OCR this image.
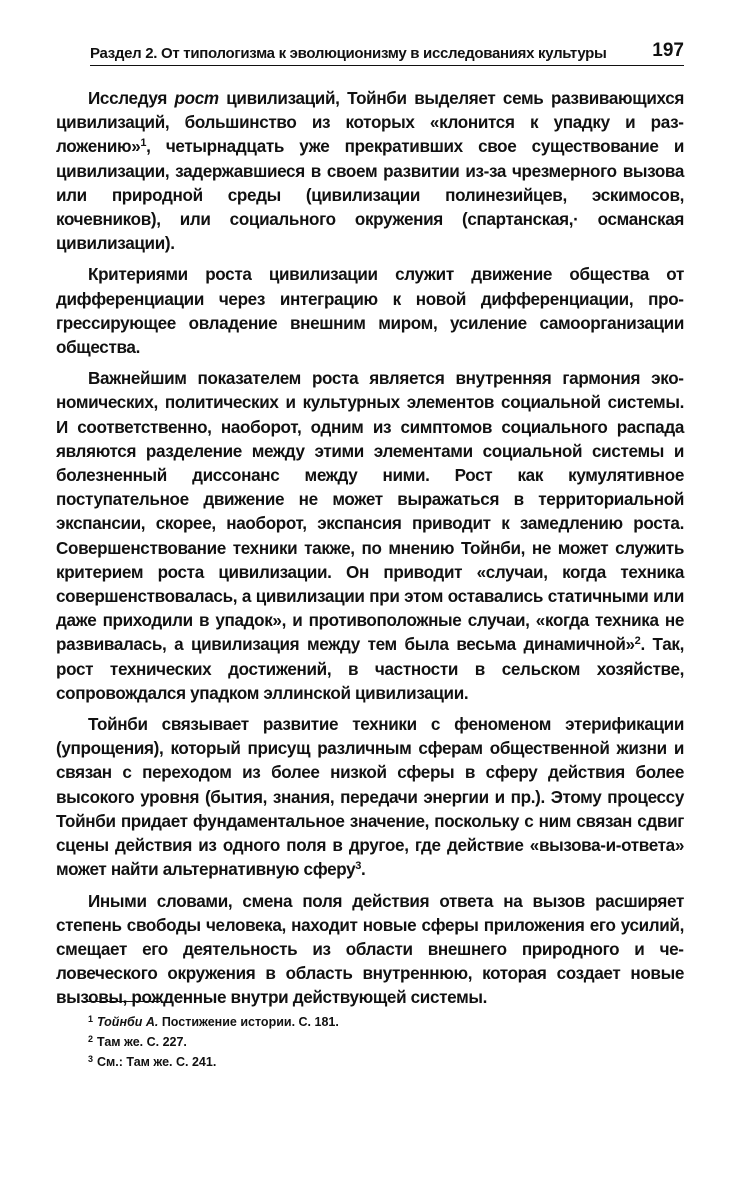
Раздел 2. От типологизма к эволюционизму в исследованиях культуры 197

Исследуя рост цивилизаций, Тойнби выделяет семь развивающихся цивилизаций, большинство из которых «клонится к упадку и разложению»$^1$, четырнадцать уже прекративших свое существование и цивилизации, задержавшиеся в своем развитии из-за чрезмерного вызова или природной среды (цивилизации полинезийцев, эскимосов, кочевников), или социального окружения (спартанская,· османская цивилизации).

Критериями роста цивилизации служит движение общества от дифференциации через интеграцию к новой дифференциации, прогрессирующее овладение внешним миром, усиление самоорганизации общества.

Важнейшим показателем роста является внутренняя гармония экономических, политических и культурных элементов социальной системы. И соответственно, наоборот, одним из симптомов социального распада являются разделение между этими элементами социальной системы и болезненный диссонанс между ними. Рост как кумулятивное поступательное движение не может выражаться в территориальной экспансии, скорее, наоборот, экспансия приводит к замедлению роста. Совершенствование техники также, по мнению Тойнби, не может служить критерием роста цивилизации. Он приводит «случаи, когда техника совершенствовалась, а цивилизации при этом оставались статичными или даже приходили в упадок», и противоположные случаи, «когда техника не развивалась, а цивилизация между тем была весьма динамичной»$^2$. Так, рост технических достижений, в частности в сельском хозяйстве, сопровождался упадком эллинской цивилизации.

Тойнби связывает развитие техники с феноменом этерификации (упрощения), который присущ различным сферам общественной жизни и связан с переходом из более низкой сферы в сферу действия более высокого уровня (бытия, знания, передачи энергии и пр.). Этому процессу Тойнби придает фундаментальное значение, поскольку с ним связан сдвиг сцены действия из одного поля в другое, где действие «вызова-и-ответа» может найти альтернативную сферу$^3$.

Иными словами, смена поля действия ответа на вызов расширяет степень свободы человека, находит новые сферы приложения его усилий, смещает его деятельность из области внешнего природного и человеческого окружения в область внутреннюю, которая создает новые вызовы, рожденные внутри действующей системы.

$^1$ Тойнби А. Постижение истории. С. 181.
$^2$ Там же. С. 227.
$^3$ См.: Там же. С. 241.
